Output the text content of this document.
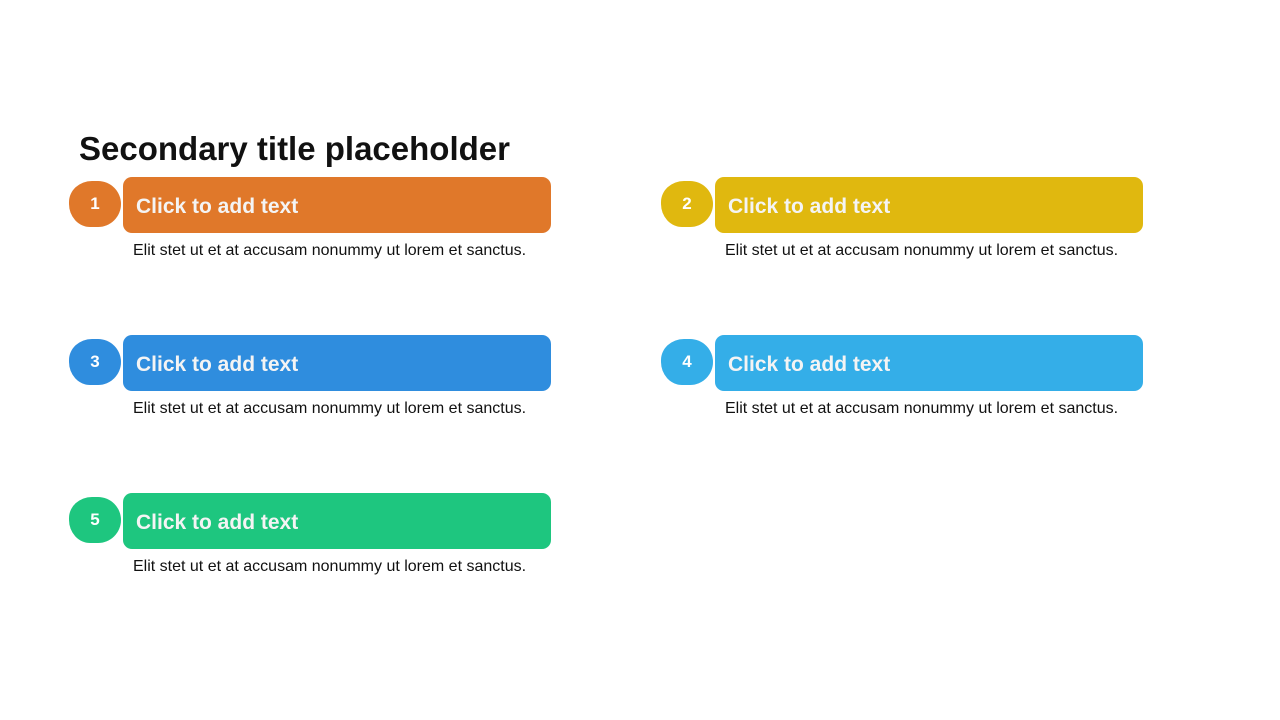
Secondary title placeholder
1	Click to add text
Elit stet ut et at accusam nonummy ut lorem et sanctus.
2	Click to add text
Elit stet ut et at accusam nonummy ut lorem et sanctus.
3	Click to add text
Elit stet ut et at accusam nonummy ut lorem et sanctus.
4	Click to add text
Elit stet ut et at accusam nonummy ut lorem et sanctus.
5	Click to add text
Elit stet ut et at accusam nonummy ut lorem et sanctus.
